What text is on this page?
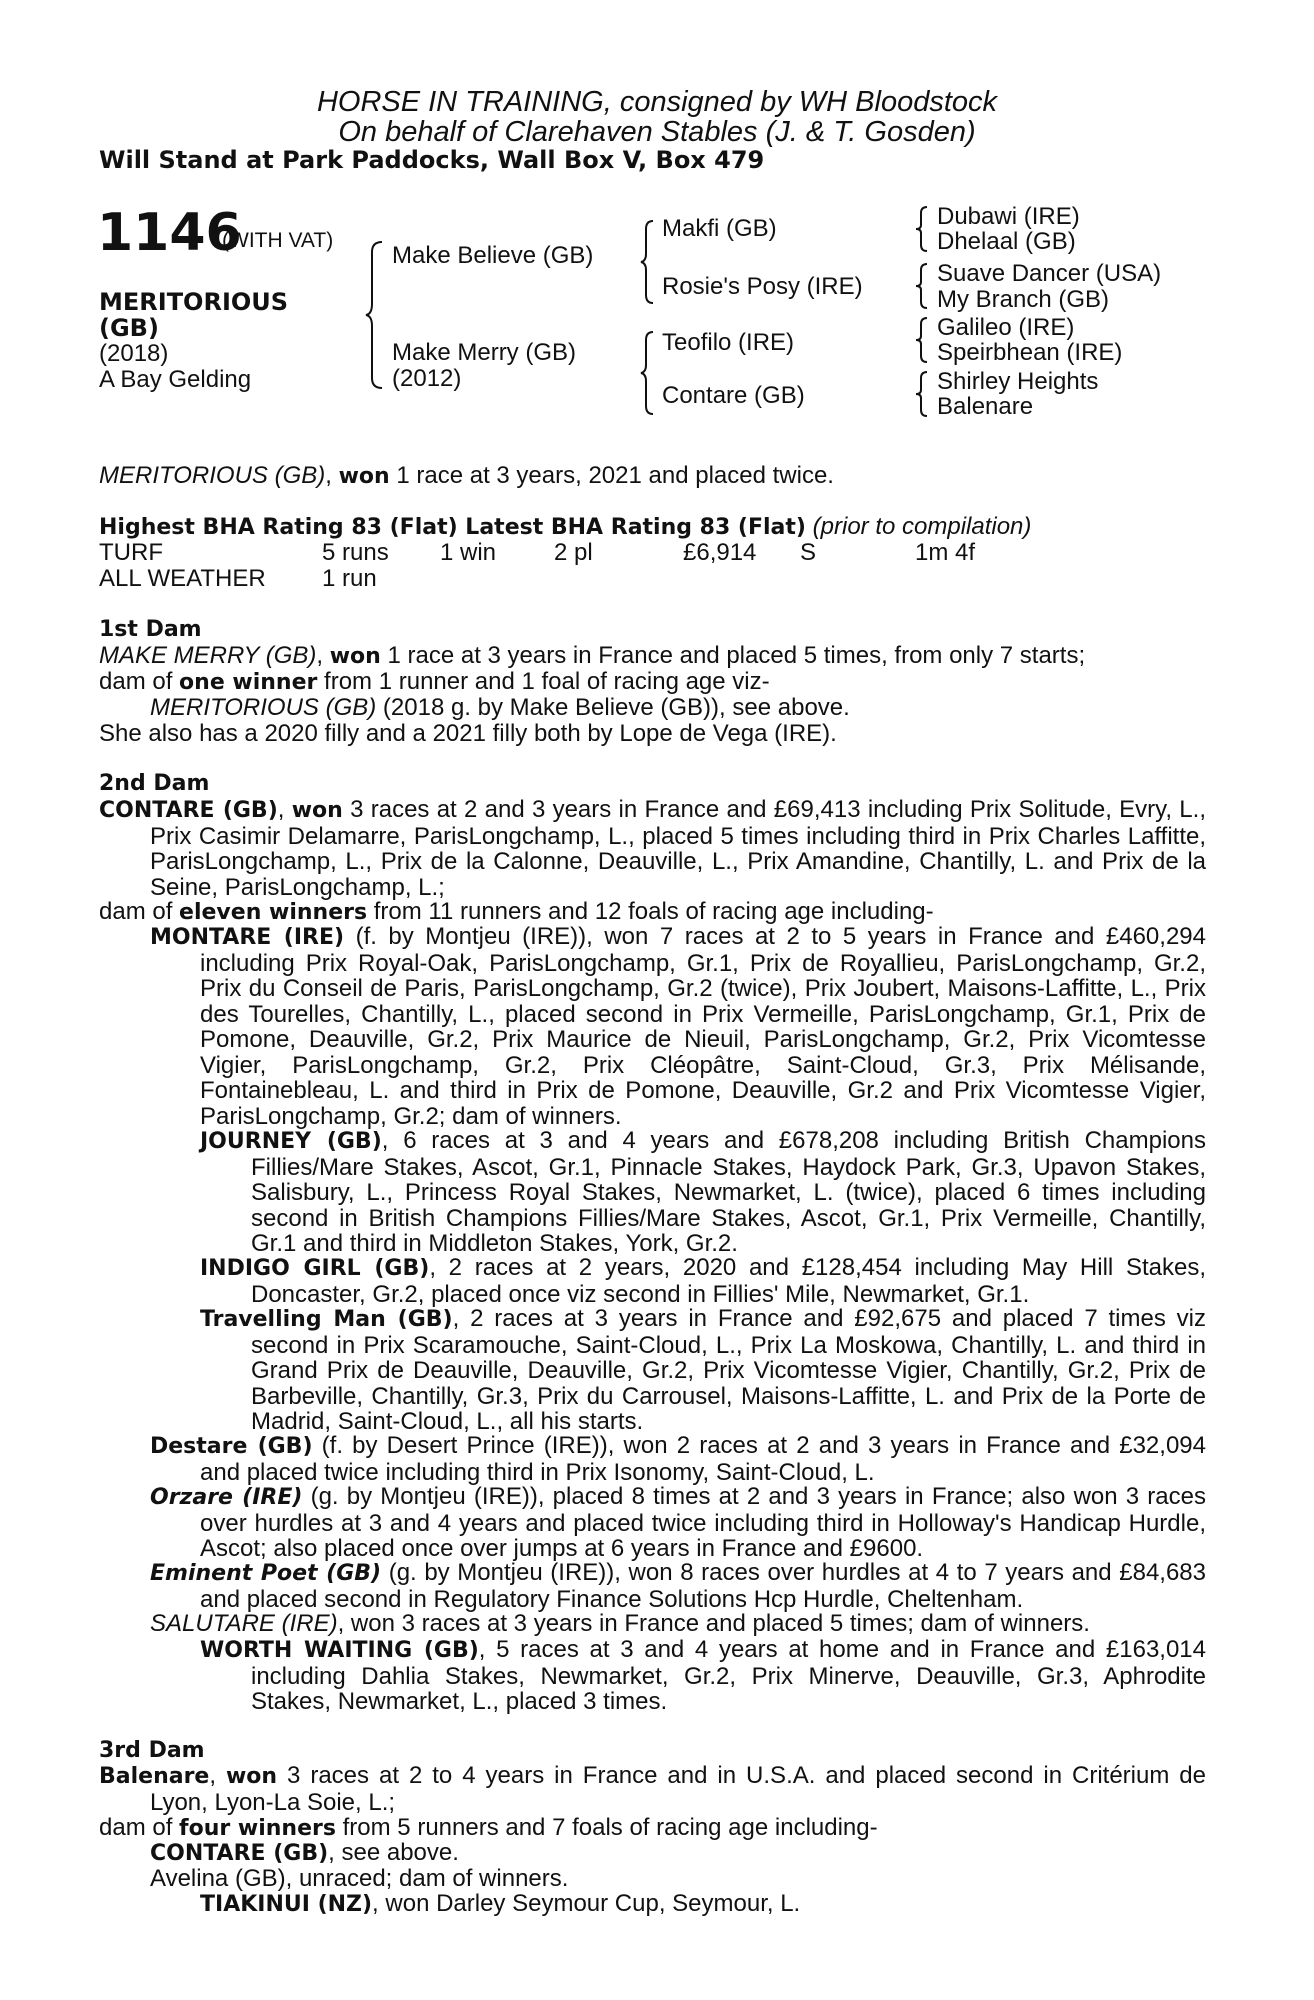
HORSE IN TRAINING, consigned by WH Bloodstock
On behalf of Clarehaven Stables (J. & T. Gosden)
Will Stand at Park Paddocks, Wall Box V, Box 479
1146
(WITH VAT)
MERITORIOUS
(GB)
(2018)
A Bay Gelding
Make Believe (GB)
Make Merry (GB)
(2012)
Makfi (GB)
Rosie's Posy (IRE)
Teofilo (IRE)
Contare (GB)
Dubawi (IRE)
Dhelaal (GB)
Suave Dancer (USA)
My Branch (GB)
Galileo (IRE)
Speirbhean (IRE)
Shirley Heights
Balenare
MERITORIOUS (GB), won 1 race at 3 years, 2021 and placed twice.
Highest BHA Rating 83 (Flat) Latest BHA Rating 83 (Flat) (prior to compilation)
TURF	5 runs 1 win 2 pl	£6,914 S	1m 4f
ALL WEATHER 1 run
1st Dam
MAKE MERRY (GB), won 1 race at 3 years in France and placed 5 times, from only 7 starts;
dam of one winner from 1 runner and 1 foal of racing age viz-
MERITORIOUS (GB) (2018 g. by Make Believe (GB)), see above.
She also has a 2020 filly and a 2021 filly both by Lope de Vega (IRE).
2nd Dam
CONTARE (GB), won 3 races at 2 and 3 years in France and £69,413 including Prix Solitude, Evry, L., Prix Casimir Delamarre, ParisLongchamp, L., placed 5 times including third in Prix Charles Laffitte, ParisLongchamp, L., Prix de la Calonne, Deauville, L., Prix Amandine, Chantilly, L. and Prix de la Seine, ParisLongchamp, L.;
dam of eleven winners from 11 runners and 12 foals of racing age including-
MONTARE (IRE) (f. by Montjeu (IRE)), won 7 races at 2 to 5 years in France and £460,294 including Prix Royal-Oak, ParisLongchamp, Gr.1, Prix de Royallieu, ParisLongchamp, Gr.2, Prix du Conseil de Paris, ParisLongchamp, Gr.2 (twice), Prix Joubert, Maisons-Laffitte, L., Prix des Tourelles, Chantilly, L., placed second in Prix Vermeille, ParisLongchamp, Gr.1, Prix de Pomone, Deauville, Gr.2, Prix Maurice de Nieuil, ParisLongchamp, Gr.2, Prix Vicomtesse Vigier, ParisLongchamp, Gr.2, Prix Cléopâtre, Saint-Cloud, Gr.3, Prix Mélisande, Fontainebleau, L. and third in Prix de Pomone, Deauville, Gr.2 and Prix Vicomtesse Vigier, ParisLongchamp, Gr.2; dam of winners.
JOURNEY (GB), 6 races at 3 and 4 years and £678,208 including British Champions Fillies/Mare Stakes, Ascot, Gr.1, Pinnacle Stakes, Haydock Park, Gr.3, Upavon Stakes, Salisbury, L., Princess Royal Stakes, Newmarket, L. (twice), placed 6 times including second in British Champions Fillies/Mare Stakes, Ascot, Gr.1, Prix Vermeille, Chantilly, Gr.1 and third in Middleton Stakes, York, Gr.2.
INDIGO GIRL (GB), 2 races at 2 years, 2020 and £128,454 including May Hill Stakes, Doncaster, Gr.2, placed once viz second in Fillies' Mile, Newmarket, Gr.1.
Travelling Man (GB), 2 races at 3 years in France and £92,675 and placed 7 times viz second in Prix Scaramouche, Saint-Cloud, L., Prix La Moskowa, Chantilly, L. and third in Grand Prix de Deauville, Deauville, Gr.2, Prix Vicomtesse Vigier, Chantilly, Gr.2, Prix de Barbeville, Chantilly, Gr.3, Prix du Carrousel, Maisons-Laffitte, L. and Prix de la Porte de Madrid, Saint-Cloud, L., all his starts.
Destare (GB) (f. by Desert Prince (IRE)), won 2 races at 2 and 3 years in France and £32,094 and placed twice including third in Prix Isonomy, Saint-Cloud, L.
Orzare (IRE) (g. by Montjeu (IRE)), placed 8 times at 2 and 3 years in France; also won 3 races over hurdles at 3 and 4 years and placed twice including third in Holloway's Handicap Hurdle, Ascot; also placed once over jumps at 6 years in France and £9600.
Eminent Poet (GB) (g. by Montjeu (IRE)), won 8 races over hurdles at 4 to 7 years and £84,683 and placed second in Regulatory Finance Solutions Hcp Hurdle, Cheltenham.
SALUTARE (IRE), won 3 races at 3 years in France and placed 5 times; dam of winners.
WORTH WAITING (GB), 5 races at 3 and 4 years at home and in France and £163,014 including Dahlia Stakes, Newmarket, Gr.2, Prix Minerve, Deauville, Gr.3, Aphrodite Stakes, Newmarket, L., placed 3 times.
3rd Dam
Balenare, won 3 races at 2 to 4 years in France and in U.S.A. and placed second in Critérium de Lyon, Lyon-La Soie, L.;
dam of four winners from 5 runners and 7 foals of racing age including-
CONTARE (GB), see above.
Avelina (GB), unraced; dam of winners.
TIAKINUI (NZ), won Darley Seymour Cup, Seymour, L.
